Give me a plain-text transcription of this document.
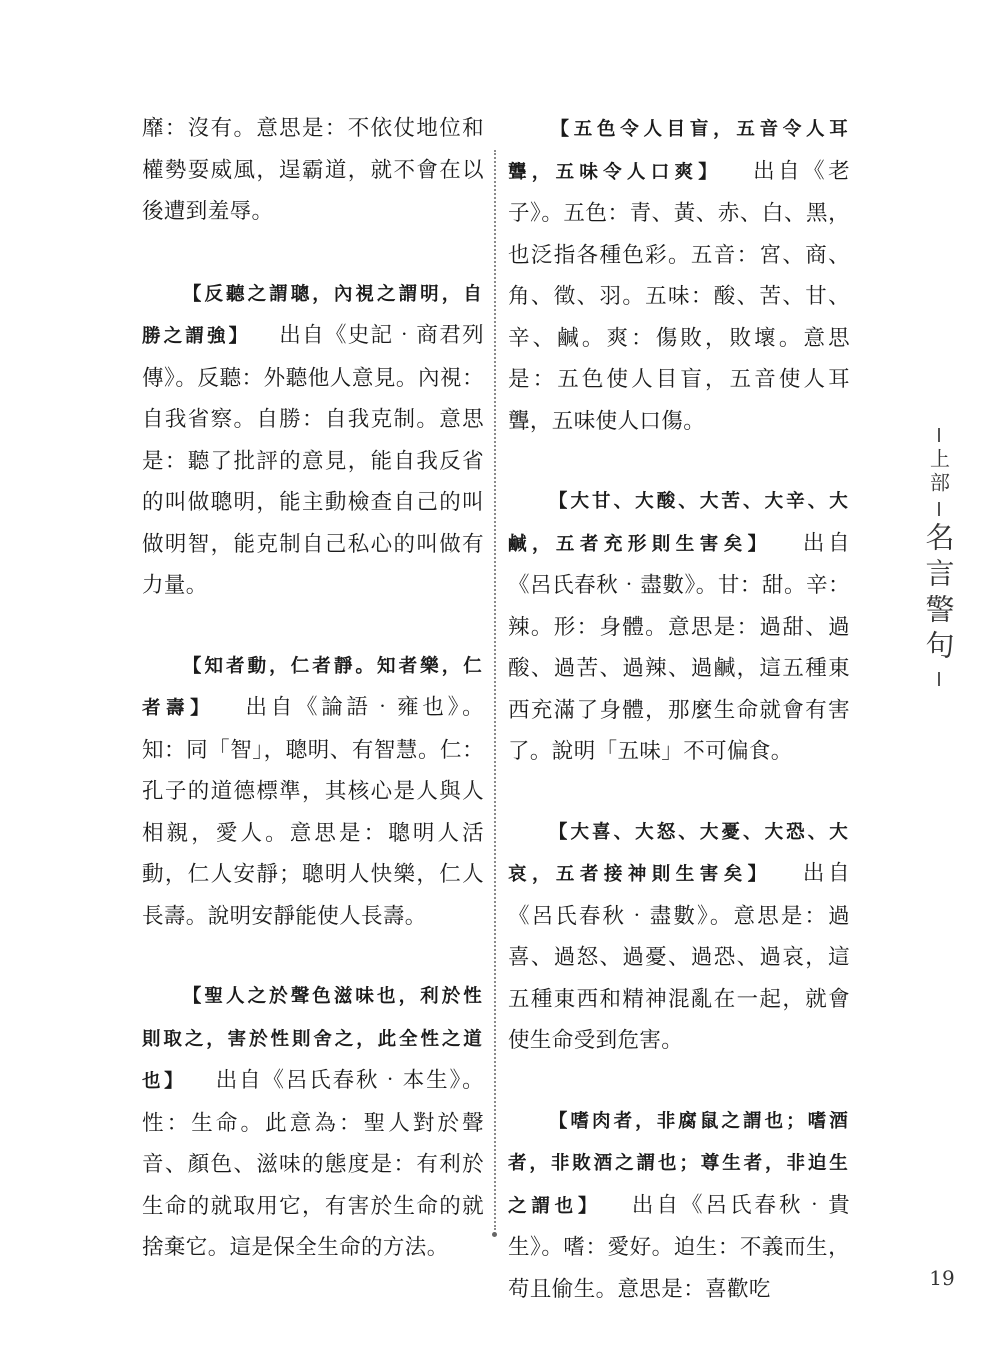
靡：沒有。意思是：不依仗地位和權勢耍威風，逞霸道，就不會在以後遭到羞辱。

【反聽之謂聰，內視之謂明，自勝之謂強】 出自《史記‧商君列傳》。反聽：外聽他人意見。內視：自我省察。自勝：自我克制。意思是：聽了批評的意見，能自我反省的叫做聰明，能主動檢查自己的叫做明智，能克制自己私心的叫做有力量。

【知者動，仁者靜。知者樂，仁者壽】 出自《論語‧雍也》。知：同「智」，聰明、有智慧。仁：孔子的道德標準，其核心是人與人相親，愛人。意思是：聰明人活動，仁人安靜；聰明人快樂，仁人長壽。說明安靜能使人長壽。

【聖人之於聲色滋味也，利於性則取之，害於性則舍之，此全性之道也】 出自《呂氏春秋‧本生》。性：生命。此意為：聖人對於聲音、顏色、滋味的態度是：有利於生命的就取用它，有害於生命的就捨棄它。這是保全生命的方法。

【五色令人目盲，五音令人耳聾，五味令人口爽】 出自《老子》。五色：青、黃、赤、白、黑，也泛指各種色彩。五音：宮、商、角、徵、羽。五味：酸、苦、甘、辛、鹹。爽：傷敗，敗壞。意思是：五色使人目盲，五音使人耳聾，五味使人口傷。

【大甘、大酸、大苦、大辛、大鹹，五者充形則生害矣】 出自《呂氏春秋‧盡數》。甘：甜。辛：辣。形：身體。意思是：過甜、過酸、過苦、過辣、過鹹，這五種東西充滿了身體，那麼生命就會有害了。說明「五味」不可偏食。

【大喜、大怒、大憂、大恐、大哀，五者接神則生害矣】 出自《呂氏春秋‧盡數》。意思是：過喜、過怒、過憂、過恐、過哀，這五種東西和精神混亂在一起，就會使生命受到危害。

【嗜肉者，非腐鼠之謂也；嗜酒者，非敗酒之謂也；尊生者，非迫生之謂也】 出自《呂氏春秋‧貴生》。嗜：愛好。迫生：不義而生，苟且偷生。意思是：喜歡吃

上部
名言警句
19
